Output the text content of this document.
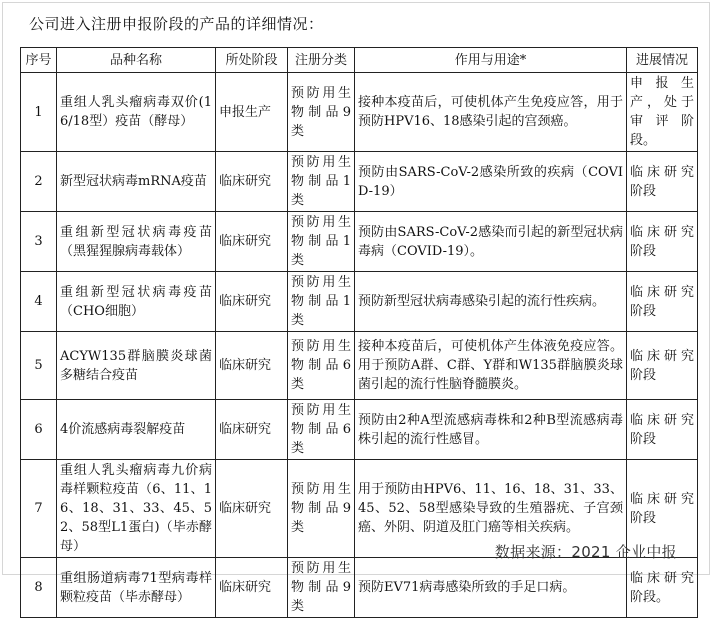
公司进入注册申报阶段的产品的详细情况：
序号	品种名称	所处阶段	注册分类	作用与用途*	进展情况
1	重组人乳头瘤病毒双价(16/18型）疫苗（酵母）	申报生产	预防用生物制品9类	接种本疫苗后，可使机体产生免疫应答，用于预防HPV16、18感染引起的宫颈癌。	申报生产，处于审评阶段。
2	新型冠状病毒mRNA疫苗	临床研究	预防用生物制品1类	预防由SARS-CoV-2感染所致的疾病（COVID-19）	临床研究阶段
3	重组新型冠状病毒疫苗（黑猩猩腺病毒载体）	临床研究	预防用生物制品1类	预防由SARS-CoV-2感染而引起的新型冠状病毒病（COVID-19）。	临床研究阶段
4	重组新型冠状病毒疫苗（CHO细胞）	临床研究	预防用生物制品1类	预防新型冠状病毒感染引起的流行性疾病。	临床研究阶段
5	ACYW135群脑膜炎球菌多糖结合疫苗	临床研究	预防用生物制品6类	接种本疫苗后，可使机体产生体液免疫应答。用于预防A群、C群、Y群和W135群脑膜炎球菌引起的流行性脑脊髓膜炎。	临床研究阶段
6	4价流感病毒裂解疫苗	临床研究	预防用生物制品6类	预防由2种A型流感病毒株和2种B型流感病毒株引起的流行性感冒。	临床研究阶段
7	重组人乳头瘤病毒九价病毒样颗粒疫苗（6、11、16、18、31、33、45、52、58型L1蛋白)（毕赤酵母）	临床研究	预防用生物制品9类	用于预防由HPV6、11、16、18、31、33、45、52、58型感染导致的生殖器疣、子宫颈癌、外阴、阴道及肛门癌等相关疾病。	临床研究阶段
8	重组肠道病毒71型病毒样颗粒疫苗（毕赤酵母）	临床研究	预防用生物制品9类	预防EV71病毒感染所致的手足口病。	临床研究阶段。
数据来源：2021 企业中报
